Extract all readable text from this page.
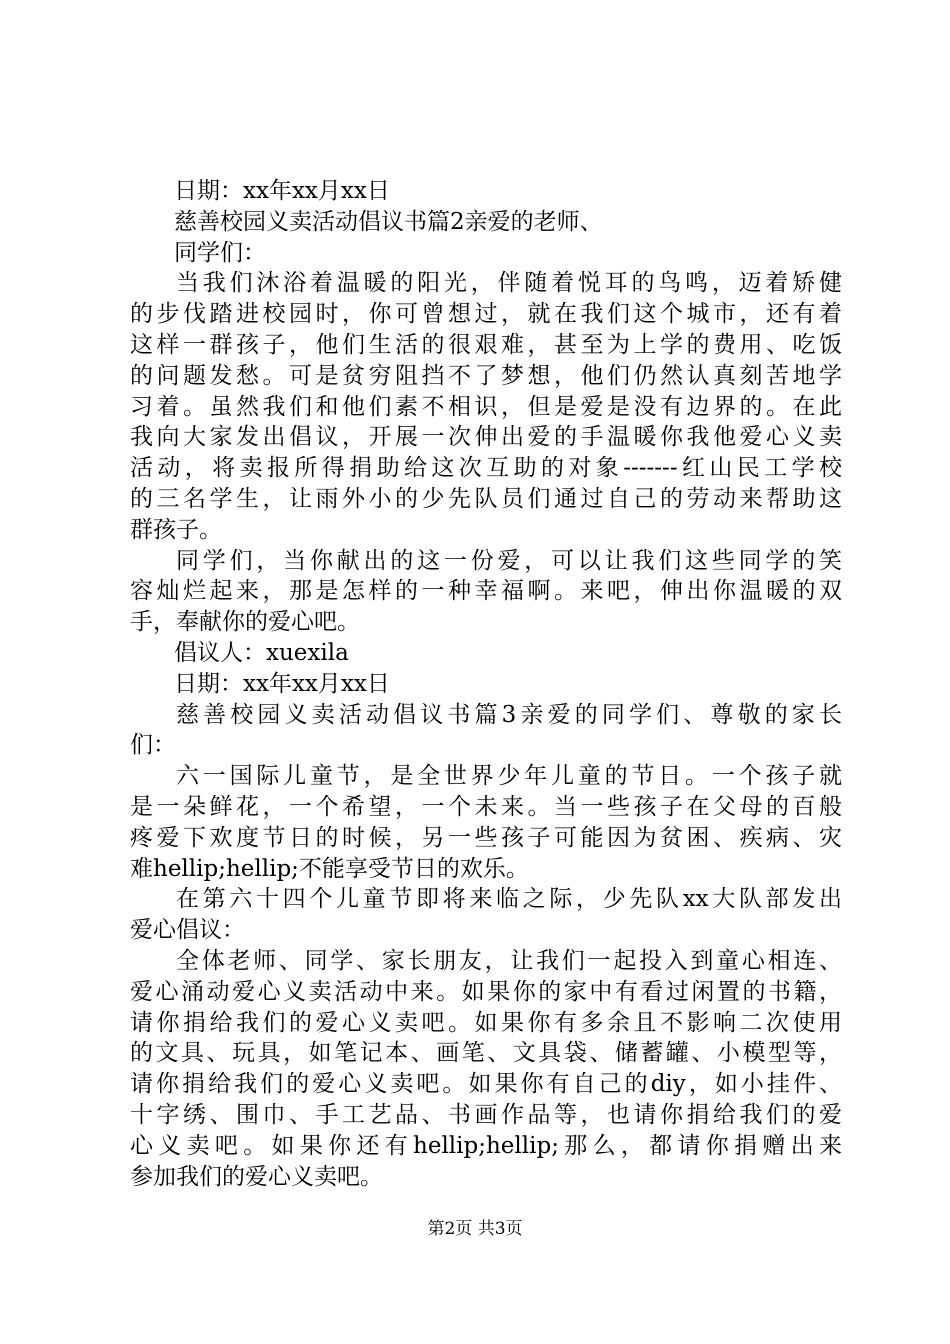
日期：xx年xx月xx日
慈善校园义卖活动倡议书篇2亲爱的老师、
同学们：
当我们沐浴着温暖的阳光，伴随着悦耳的鸟鸣，迈着矫健
的步伐踏进校园时，你可曾想过，就在我们这个城市，还有着
这样一群孩子，他们生活的很艰难，甚至为上学的费用、吃饭
的问题发愁。可是贫穷阻挡不了梦想，他们仍然认真刻苦地学
习着。虽然我们和他们素不相识，但是爱是没有边界的。在此
我向大家发出倡议，开展一次伸出爱的手温暖你我他爱心义卖
活动，将卖报所得捐助给这次互助的对象-------红山民工学校
的三名学生，让雨外小的少先队员们通过自己的劳动来帮助这
群孩子。
同学们，当你献出的这一份爱，可以让我们这些同学的笑
容灿烂起来，那是怎样的一种幸福啊。来吧，伸出你温暖的双
手，奉献你的爱心吧。
倡议人：xuexila
日期：xx年xx月xx日
慈善校园义卖活动倡议书篇3亲爱的同学们、尊敬的家长
们：
六一国际儿童节，是全世界少年儿童的节日。一个孩子就
是一朵鲜花，一个希望，一个未来。当一些孩子在父母的百般
疼爱下欢度节日的时候，另一些孩子可能因为贫困、疾病、灾
难hellip;hellip;不能享受节日的欢乐。
在第六十四个儿童节即将来临之际，少先队xx大队部发出
爱心倡议：
全体老师、同学、家长朋友，让我们一起投入到童心相连、
爱心涌动爱心义卖活动中来。如果你的家中有看过闲置的书籍，
请你捐给我们的爱心义卖吧。如果你有多余且不影响二次使用
的文具、玩具，如笔记本、画笔、文具袋、储蓄罐、小模型等，
请你捐给我们的爱心义卖吧。如果你有自己的diy，如小挂件、
十字绣、围巾、手工艺品、书画作品等，也请你捐给我们的爱
心义卖吧。如果你还有hellip;hellip;那么，都请你捐赠出来
参加我们的爱心义卖吧。
第2页 共3页
